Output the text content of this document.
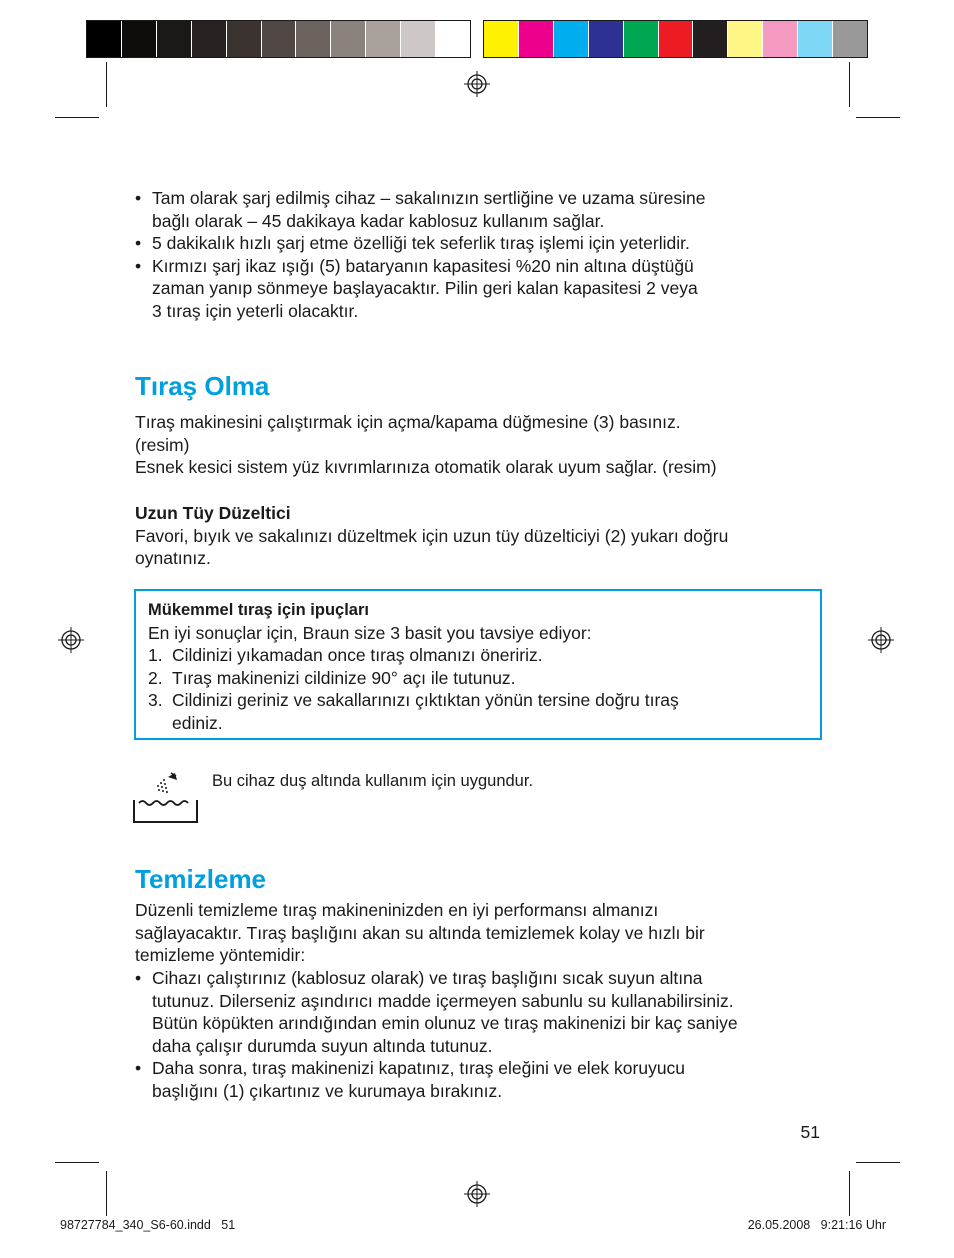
• Tam olarak şarj edilmiş cihaz – sakalınızın sertliğine ve uzama süresine
bağlı olarak – 45 dakikaya kadar kablosuz kullanım sağlar.
• 5 dakikalık hızlı şarj etme özelliği tek seferlik tıraş işlemi için yeterlidir.
• Kırmızı şarj ikaz ışığı (5) bataryanın kapasitesi %20 nin altına düştüğü
zaman yanıp sönmeye başlayacaktır. Pilin geri kalan kapasitesi 2 veya
3 tıraş için yeterli olacaktır.
Tıraş Olma
Tıraş makinesini çalıştırmak için açma/kapama düğmesine (3) basınız.
(resim)
Esnek kesici sistem yüz kıvrımlarınıza otomatik olarak uyum sağlar. (resim)
Uzun Tüy Düzeltici
Favori, bıyık ve sakalınızı düzeltmek için uzun tüy düzelticiyi (2) yukarı doğru
oynatınız.
Mükemmel tıraş için ipuçları
En iyi sonuçlar için, Braun size 3 basit you tavsiye ediyor:
1. Cildinizi yıkamadan once tıraş olmanızı öneririz.
2. Tıraş makinenizi cildinize 90° açı ile tutunuz.
3. Cildinizi geriniz ve sakallarınızı çıktıktan yönün tersine doğru tıraş
ediniz.
Bu cihaz duş altında kullanım için uygundur.
Temizleme
Düzenli temizleme tıraş makineninizden en iyi performansı almanızı
sağlayacaktır. Tıraş başlığını akan su altında temizlemek kolay ve hızlı bir
temizleme yöntemidir:
• Cihazı çalıştırınız (kablosuz olarak) ve tıraş başlığını sıcak suyun altına
tutunuz. Dilerseniz aşındırıcı madde içermeyen sabunlu su kullanabilirsiniz.
Bütün köpükten arındığından emin olunuz ve tıraş makinenizi bir kaç saniye
daha çalışır durumda suyun altında tutunuz.
• Daha sonra, tıraş makinenizi kapatınız, tıraş eleğini ve elek koruyucu
başlığını (1) çıkartınız ve kurumaya bırakınız.
51
98727784_340_S6-60.indd   51	26.05.2008   9:21:16 Uhr
